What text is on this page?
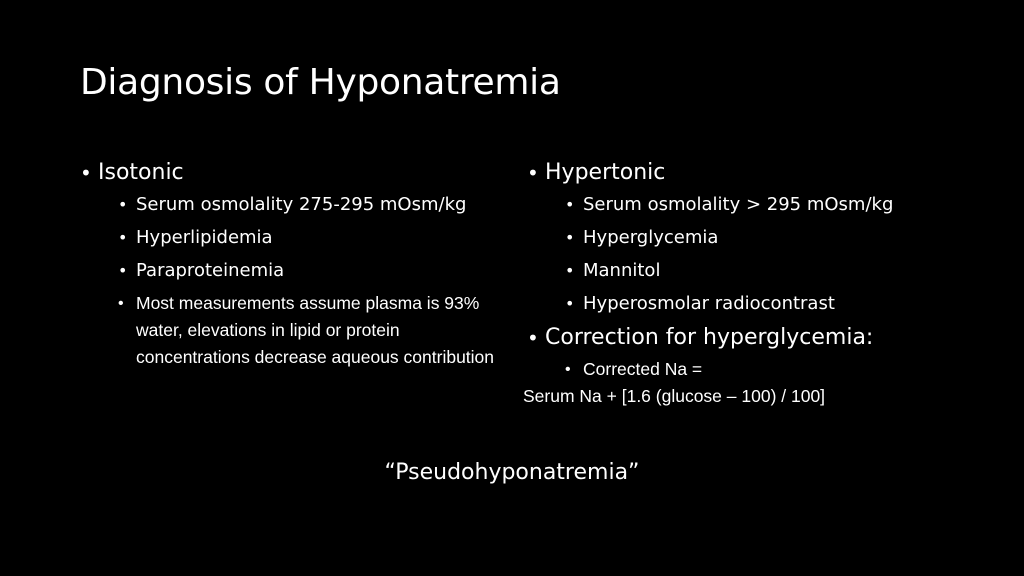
Diagnosis of Hyponatremia
• Isotonic
• Serum osmolality 275-295 mOsm/kg
• Hyperlipidemia
• Paraproteinemia
• Most measurements assume plasma is 93% water, elevations in lipid or protein concentrations decrease aqueous contribution
• Hypertonic
• Serum osmolality > 295 mOsm/kg
• Hyperglycemia
• Mannitol
• Hyperosmolar radiocontrast
• Correction for hyperglycemia:
• Corrected Na =
Serum Na + [1.6 (glucose – 100) / 100]
“Pseudohyponatremia”
